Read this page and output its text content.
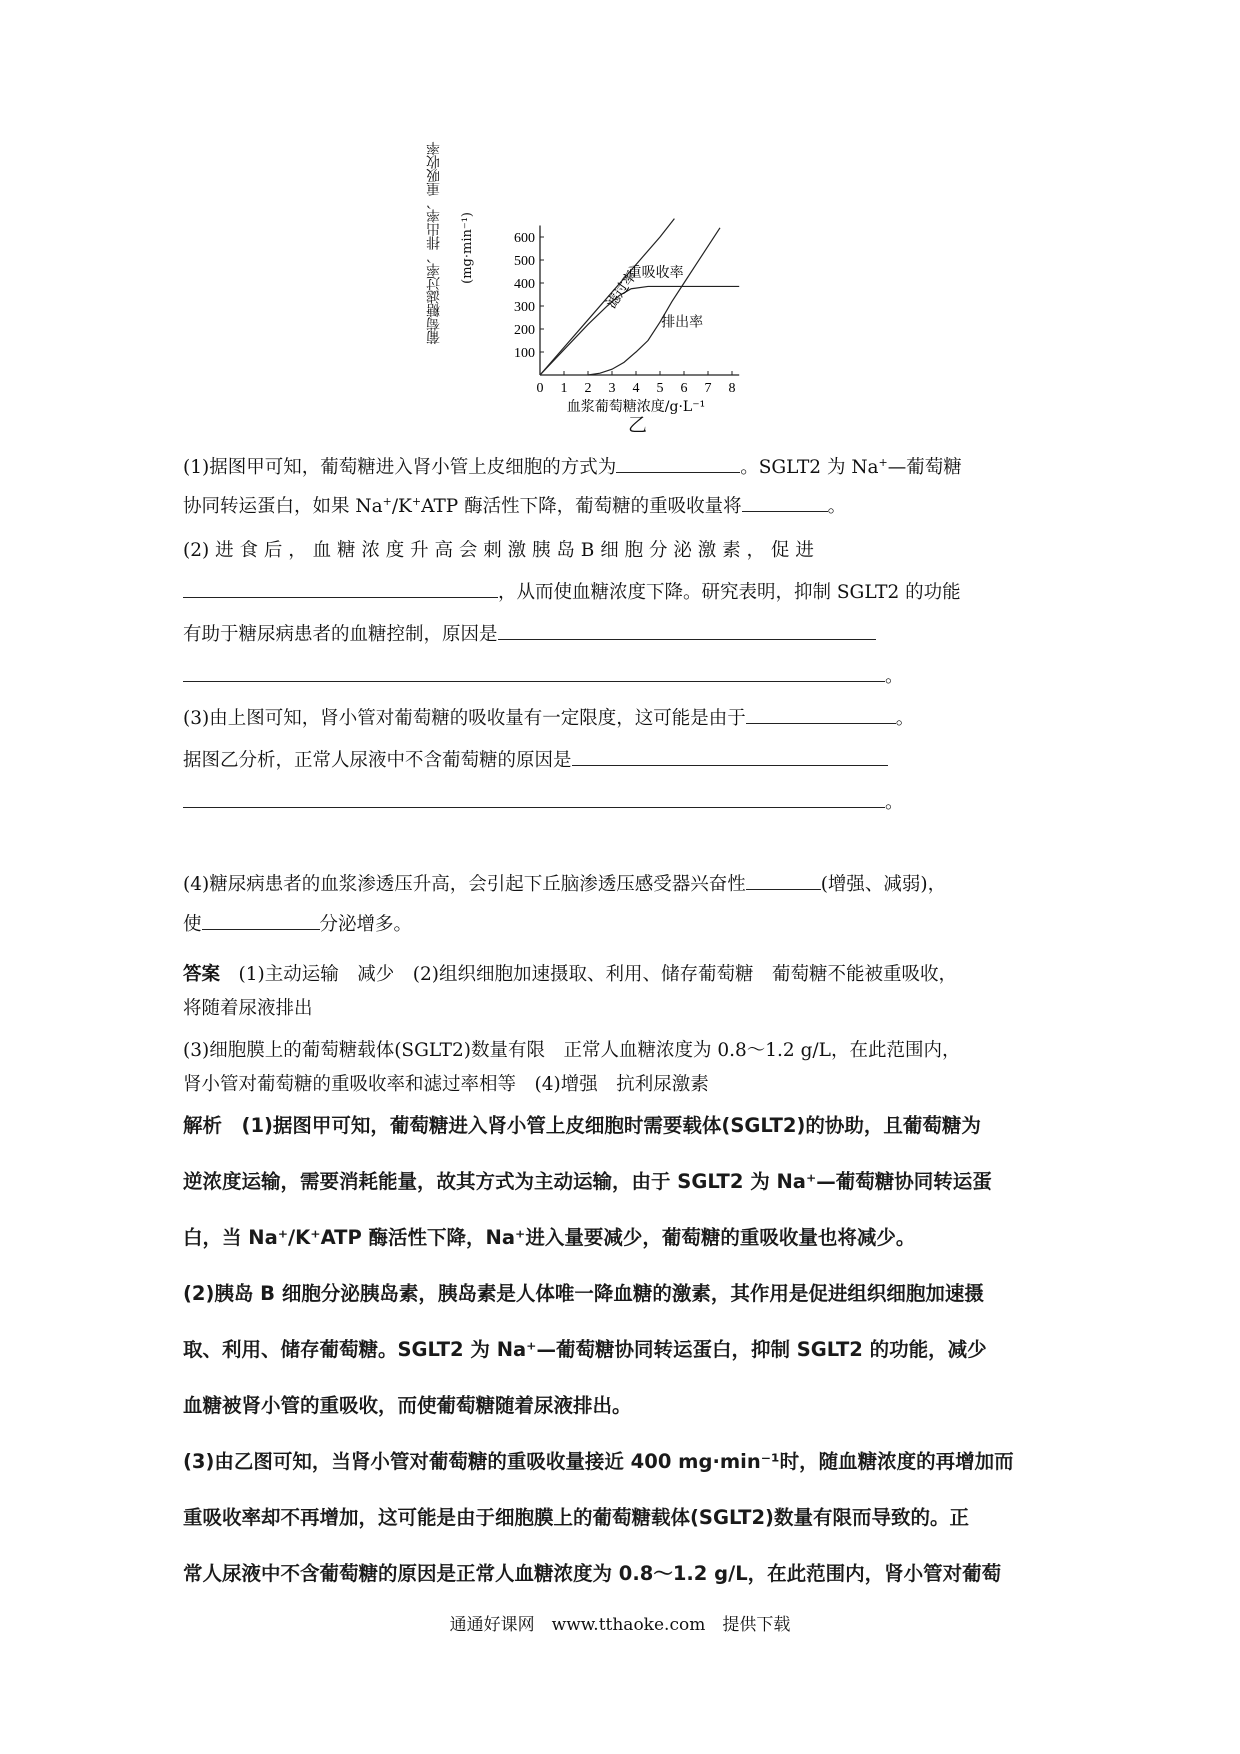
葡萄糖滤过率、排出率、重吸收率 (mg·min⁻¹)
0 1 2 3 4 5 6 7 8
100
200
300
400
500
600
滤过率
重吸收率
排出率
血浆葡萄糖浓度/g·L⁻¹
乙
(1)据图甲可知，葡萄糖进入肾小管上皮细胞的方式为	。SGLT2 为 Na+—葡萄糖
协同转运蛋白，如果 Na+/K+ATP 酶活性下降，葡萄糖的重吸收量将	。
(2) 进 食 后 ， 血 糖 浓 度 升 高 会 刺 激 胰 岛 B 细 胞 分 泌 激 素 ， 促 进
，从而使血糖浓度下降。研究表明，抑制 SGLT2 的功能
有助于糖尿病患者的血糖控制，原因是
。
(3)由上图可知，肾小管对葡萄糖的吸收量有一定限度，这可能是由于	。
据图乙分析，正常人尿液中不含葡萄糖的原因是
。
(4)糖尿病患者的血浆渗透压升高，会引起下丘脑渗透压感受器兴奋性	(增强、减弱)，
使	分泌增多。
答案　 (1)主动运输　减少　(2)组织细胞加速摄取、利用、储存葡萄糖　葡萄糖不能被重吸收，
将随着尿液排出
(3)细胞膜上的葡萄糖载体(SGLT2)数量有限　正常人血糖浓度为 0.8～1.2 g/L，在此范围内，
肾小管对葡萄糖的重吸收率和滤过率相等　(4)增强　抗利尿激素
解析　 (1)据图甲可知，葡萄糖进入肾小管上皮细胞时需要载体(SGLT2)的协助，且葡萄糖为
逆浓度运输，需要消耗能量，故其方式为主动运输，由于 SGLT2 为 Na⁺—葡萄糖协同转运蛋
白，当 Na⁺/K⁺ATP 酶活性下降，Na⁺进入量要减少，葡萄糖的重吸收量也将减少。
(2)胰岛 B 细胞分泌胰岛素，胰岛素是人体唯一降血糖的激素，其作用是促进组织细胞加速摄
取、利用、储存葡萄糖。SGLT2 为 Na⁺—葡萄糖协同转运蛋白，抑制 SGLT2 的功能，减少
血糖被肾小管的重吸收，而使葡萄糖随着尿液排出。
(3)由乙图可知，当肾小管对葡萄糖的重吸收量接近 400 mg·min⁻¹时，随血糖浓度的再增加而
重吸收率却不再增加，这可能是由于细胞膜上的葡萄糖载体(SGLT2)数量有限而导致的。正
常人尿液中不含葡萄糖的原因是正常人血糖浓度为 0.8～1.2 g/L，在此范围内，肾小管对葡萄
通通好课网　www.tthaoke.com　提供下载
